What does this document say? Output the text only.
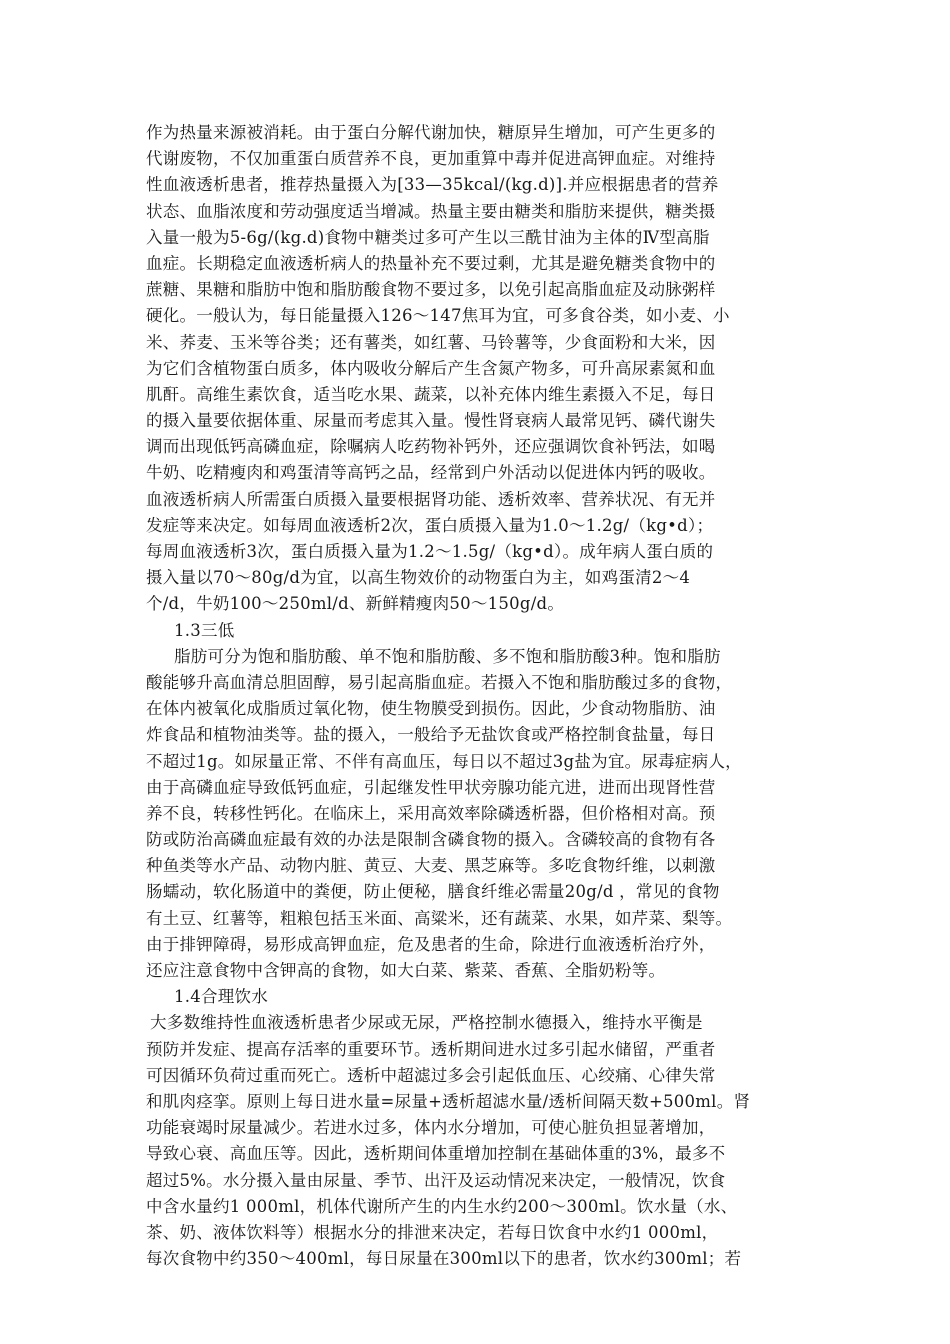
作为热量来源被消耗。由于蛋白分解代谢加快，糖原异生增加，可产生更多的
代谢废物，不仅加重蛋白质营养不良，更加重算中毒并促进高钾血症。对维持
性血液透析患者，推荐热量摄入为[33—35kcal/(kg.d)].并应根据患者的营养
状态、血脂浓度和劳动强度适当增减。热量主要由糖类和脂肪来提供，糖类摄
入量一般为5-6g/(kg.d)食物中糖类过多可产生以三酰甘油为主体的Ⅳ型高脂
血症。长期稳定血液透析病人的热量补充不要过剩，尤其是避免糖类食物中的
蔗糖、果糖和脂肪中饱和脂肪酸食物不要过多，以免引起高脂血症及动脉粥样
硬化。一般认为，每日能量摄入126～147焦耳为宜，可多食谷类，如小麦、小
米、荞麦、玉米等谷类；还有薯类，如红薯、马铃薯等，少食面粉和大米，因
为它们含植物蛋白质多，体内吸收分解后产生含氮产物多，可升高尿素氮和血
肌酐。高维生素饮食，适当吃水果、蔬菜，以补充体内维生素摄入不足，每日
的摄入量要依据体重、尿量而考虑其入量。慢性肾衰病人最常见钙、磷代谢失
调而出现低钙高磷血症，除嘱病人吃药物补钙外，还应强调饮食补钙法，如喝
牛奶、吃精瘦肉和鸡蛋清等高钙之品，经常到户外活动以促进体内钙的吸收。
血液透析病人所需蛋白质摄入量要根据肾功能、透析效率、营养状况、有无并
发症等来决定。如每周血液透析2次，蛋白质摄入量为1.0～1.2g/（kg•d）；
每周血液透析3次，蛋白质摄入量为1.2～1.5g/（kg•d）。成年病人蛋白质的
摄入量以70～80g/d为宜，以高生物效价的动物蛋白为主，如鸡蛋清2～4
个/d，牛奶100～250ml/d、新鲜精瘦肉50～150g/d。
1.3三低
脂肪可分为饱和脂肪酸、单不饱和脂肪酸、多不饱和脂肪酸3种。饱和脂肪
酸能够升高血清总胆固醇，易引起高脂血症。若摄入不饱和脂肪酸过多的食物，
在体内被氧化成脂质过氧化物，使生物膜受到损伤。因此，少食动物脂肪、油
炸食品和植物油类等。盐的摄入，一般给予无盐饮食或严格控制食盐量，每日
不超过1g。如尿量正常、不伴有高血压，每日以不超过3g盐为宜。尿毒症病人，
由于高磷血症导致低钙血症，引起继发性甲状旁腺功能亢进，进而出现肾性营
养不良，转移性钙化。在临床上，采用高效率除磷透析器，但价格相对高。预
防或防治高磷血症最有效的办法是限制含磷食物的摄入。含磷较高的食物有各
种鱼类等水产品、动物内脏、黄豆、大麦、黑芝麻等。多吃食物纤维，以刺激
肠蠕动，软化肠道中的粪便，防止便秘，膳食纤维必需量20g/d ，常见的食物
有土豆、红薯等，粗粮包括玉米面、高粱米，还有蔬菜、水果，如芹菜、梨等。
由于排钾障碍，易形成高钾血症，危及患者的生命，除进行血液透析治疗外，
还应注意食物中含钾高的食物，如大白菜、紫菜、香蕉、全脂奶粉等。
1.4合理饮水
大多数维持性血液透析患者少尿或无尿，严格控制水德摄入，维持水平衡是
预防并发症、提高存活率的重要环节。透析期间进水过多引起水储留，严重者
可因循环负荷过重而死亡。透析中超滤过多会引起低血压、心绞痛、心律失常
和肌肉痉挛。原则上每日进水量=尿量+透析超滤水量/透析间隔天数+500ml。肾
功能衰竭时尿量减少。若进水过多，体内水分增加，可使心脏负担显著增加，
导致心衰、高血压等。因此，透析期间体重增加控制在基础体重的3%，最多不
超过5%。水分摄入量由尿量、季节、出汗及运动情况来决定，一般情况，饮食
中含水量约1 000ml，机体代谢所产生的内生水约200～300ml。饮水量（水、
茶、奶、液体饮料等）根据水分的排泄来决定，若每日饮食中水约1 000ml，
每次食物中约350～400ml，每日尿量在300ml以下的患者，饮水约300ml；若
